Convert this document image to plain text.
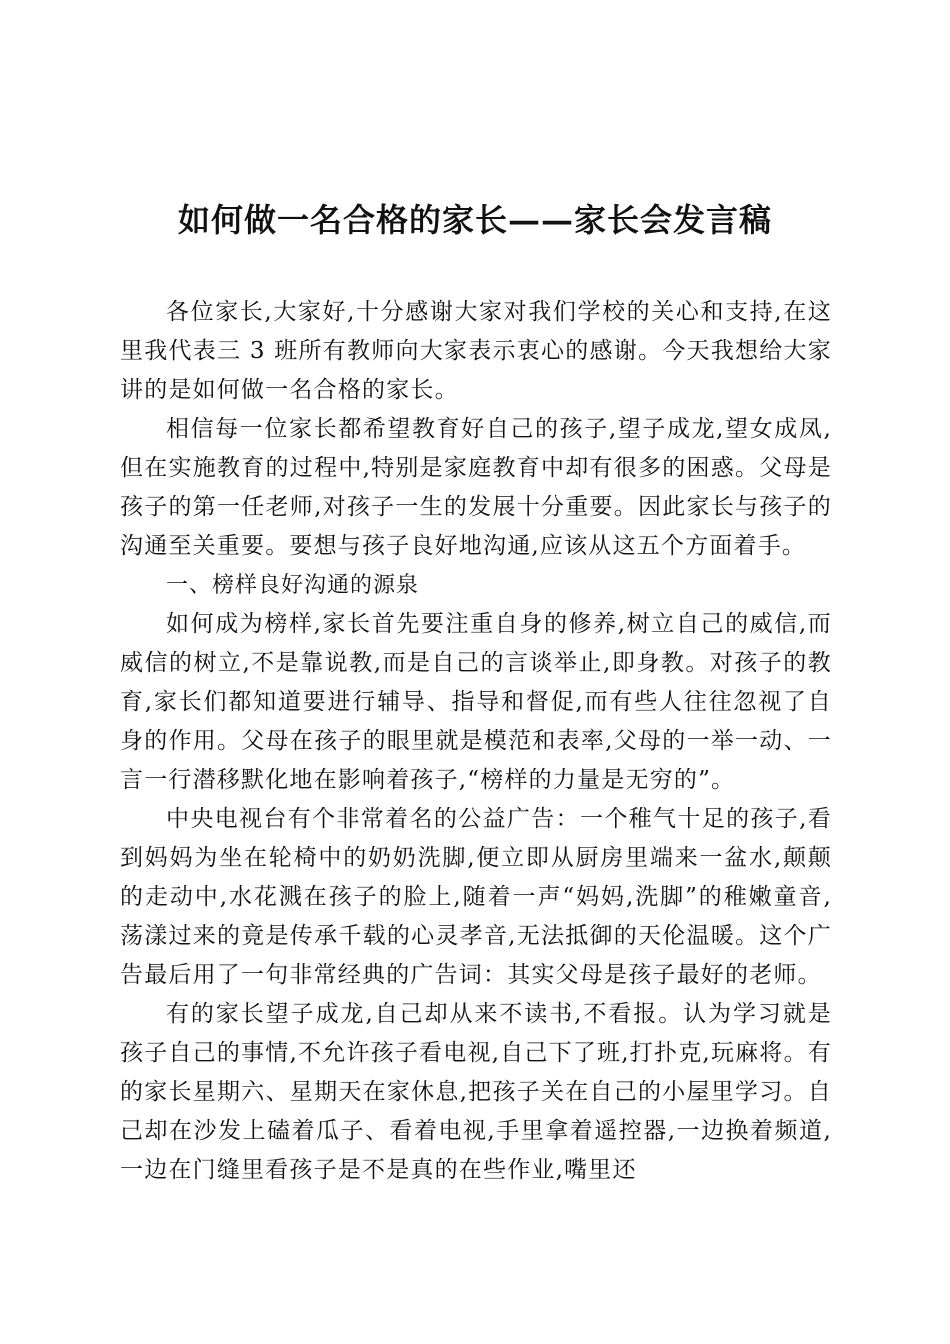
如何做一名合格的家长——家长会发言稿

各位家长,大家好,十分感谢大家对我们学校的关心和支持,在这里我代表三 3 班所有教师向大家表示衷心的感谢。今天我想给大家讲的是如何做一名合格的家长。

相信每一位家长都希望教育好自己的孩子,望子成龙,望女成凤,但在实施教育的过程中,特别是家庭教育中却有很多的困惑。父母是孩子的第一任老师,对孩子一生的发展十分重要。因此家长与孩子的沟通至关重要。要想与孩子良好地沟通,应该从这五个方面着手。

一、榜样良好沟通的源泉

如何成为榜样,家长首先要注重自身的修养,树立自己的威信,而威信的树立,不是靠说教,而是自己的言谈举止,即身教。对孩子的教育,家长们都知道要进行辅导、指导和督促,而有些人往往忽视了自身的作用。父母在孩子的眼里就是模范和表率,父母的一举一动、一言一行潜移默化地在影响着孩子,“榜样的力量是无穷的”。

中央电视台有个非常着名的公益广告：一个稚气十足的孩子,看到妈妈为坐在轮椅中的奶奶洗脚,便立即从厨房里端来一盆水,颠颠的走动中,水花溅在孩子的脸上,随着一声“妈妈,洗脚”的稚嫩童音,荡漾过来的竟是传承千载的心灵孝音,无法抵御的天伦温暖。这个广告最后用了一句非常经典的广告词：其实父母是孩子最好的老师。

有的家长望子成龙,自己却从来不读书,不看报。认为学习就是孩子自己的事情,不允许孩子看电视,自己下了班,打扑克,玩麻将。有的家长星期六、星期天在家休息,把孩子关在自己的小屋里学习。自己却在沙发上磕着瓜子、看着电视,手里拿着遥控器,一边换着频道,一边在门缝里看孩子是不是真的在些作业,嘴里还
